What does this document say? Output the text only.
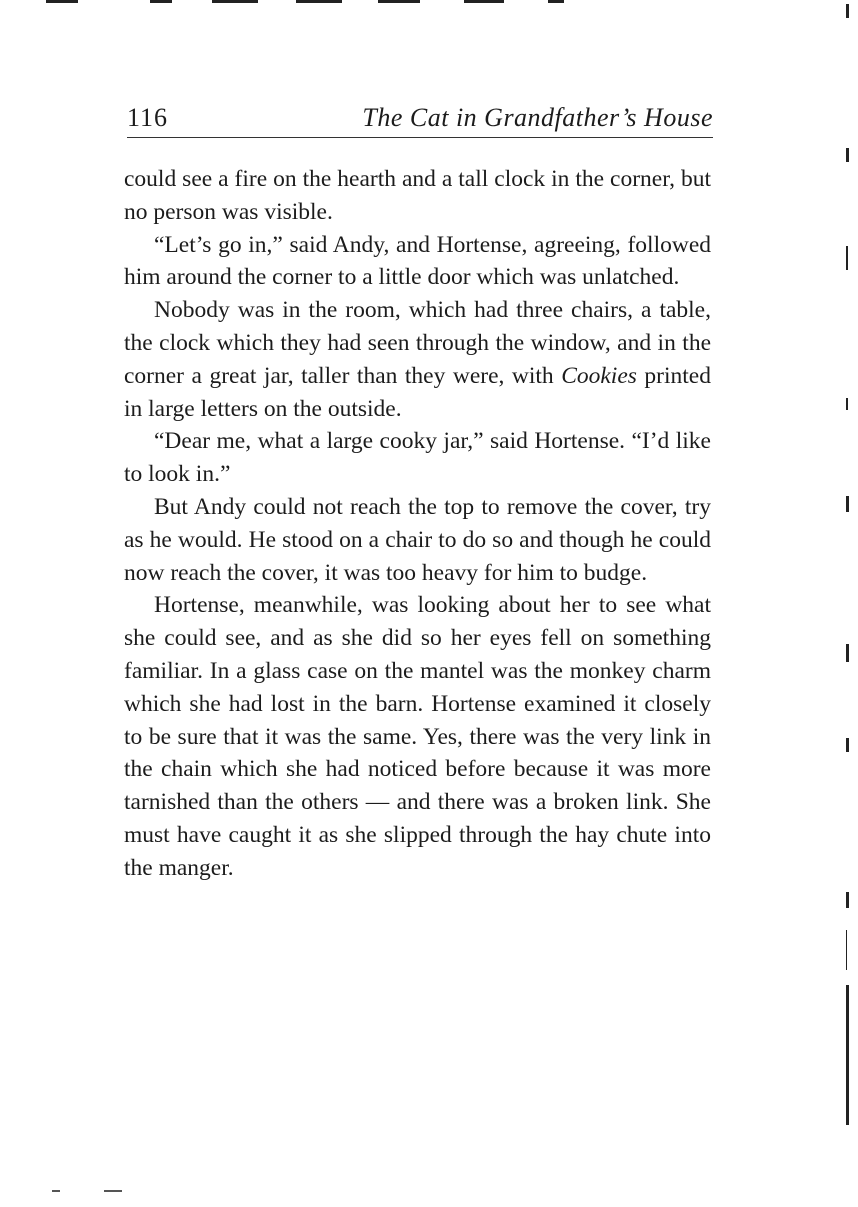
116	The Cat in Grandfather’s House

could see a fire on the hearth and a tall clock in the corner, but no person was visible.

“Let’s go in,” said Andy, and Hortense, agreeing, followed him around the corner to a little door which was unlatched.

Nobody was in the room, which had three chairs, a table, the clock which they had seen through the window, and in the corner a great jar, taller than they were, with Cookies printed in large letters on the outside.

“Dear me, what a large cooky jar,” said Hortense. “I’d like to look in.”

But Andy could not reach the top to remove the cover, try as he would. He stood on a chair to do so and though he could now reach the cover, it was too heavy for him to budge.

Hortense, meanwhile, was looking about her to see what she could see, and as she did so her eyes fell on something familiar. In a glass case on the mantel was the monkey charm which she had lost in the barn. Hortense examined it closely to be sure that it was the same. Yes, there was the very link in the chain which she had noticed before because it was more tarnished than the others — and there was a broken link. She must have caught it as she slipped through the hay chute into the manger.
